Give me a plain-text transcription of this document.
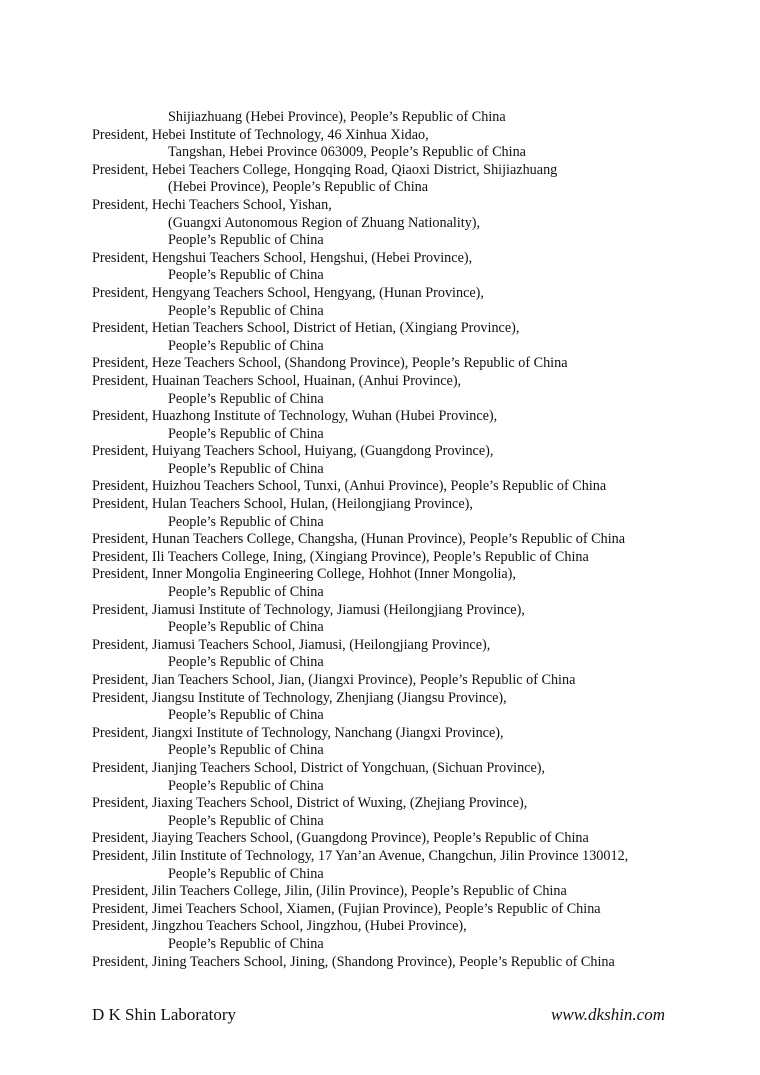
Shijiazhuang (Hebei Province), People’s Republic of China
President, Hebei Institute of Technology, 46 Xinhua Xidao,
Tangshan, Hebei Province 063009, People’s Republic of China
President, Hebei Teachers College, Hongqing Road, Qiaoxi District, Shijiazhuang
(Hebei Province), People’s Republic of China
President, Hechi Teachers School, Yishan,
(Guangxi Autonomous Region of Zhuang Nationality),
People’s Republic of China
President, Hengshui Teachers School, Hengshui, (Hebei Province),
People’s Republic of China
President, Hengyang Teachers School, Hengyang, (Hunan Province),
People’s Republic of China
President, Hetian Teachers School, District of Hetian, (Xingiang Province),
People’s Republic of China
President, Heze Teachers School, (Shandong Province), People’s Republic of China
President, Huainan Teachers School, Huainan, (Anhui Province),
People’s Republic of China
President, Huazhong Institute of Technology, Wuhan (Hubei Province),
People’s Republic of China
President, Huiyang Teachers School, Huiyang, (Guangdong Province),
People’s Republic of China
President, Huizhou Teachers School, Tunxi, (Anhui Province), People’s Republic of China
President, Hulan Teachers School, Hulan, (Heilongjiang Province),
People’s Republic of China
President, Hunan Teachers College, Changsha, (Hunan Province), People’s Republic of China
President, Ili Teachers College, Ining, (Xingiang Province), People’s Republic of China
President, Inner Mongolia Engineering College, Hohhot (Inner Mongolia),
People’s Republic of China
President, Jiamusi Institute of Technology, Jiamusi (Heilongjiang Province),
People’s Republic of China
President, Jiamusi Teachers School, Jiamusi, (Heilongjiang Province),
People’s Republic of China
President, Jian Teachers School, Jian, (Jiangxi Province), People’s Republic of China
President, Jiangsu Institute of Technology, Zhenjiang (Jiangsu Province),
People’s Republic of China
President, Jiangxi Institute of Technology, Nanchang (Jiangxi Province),
People’s Republic of China
President, Jianjing Teachers School, District of Yongchuan, (Sichuan Province),
People’s Republic of China
President, Jiaxing Teachers School, District of Wuxing, (Zhejiang Province),
People’s Republic of China
President, Jiaying Teachers School, (Guangdong Province), People’s Republic of China
President, Jilin Institute of Technology, 17 Yan’an Avenue, Changchun, Jilin Province 130012,
People’s Republic of China
President, Jilin Teachers College, Jilin, (Jilin Province), People’s Republic of China
President, Jimei Teachers School, Xiamen, (Fujian Province), People’s Republic of China
President, Jingzhou Teachers School, Jingzhou, (Hubei Province),
People’s Republic of China
President, Jining Teachers School, Jining, (Shandong Province), People’s Republic of China
D K Shin Laboratory	www.dkshin.com
